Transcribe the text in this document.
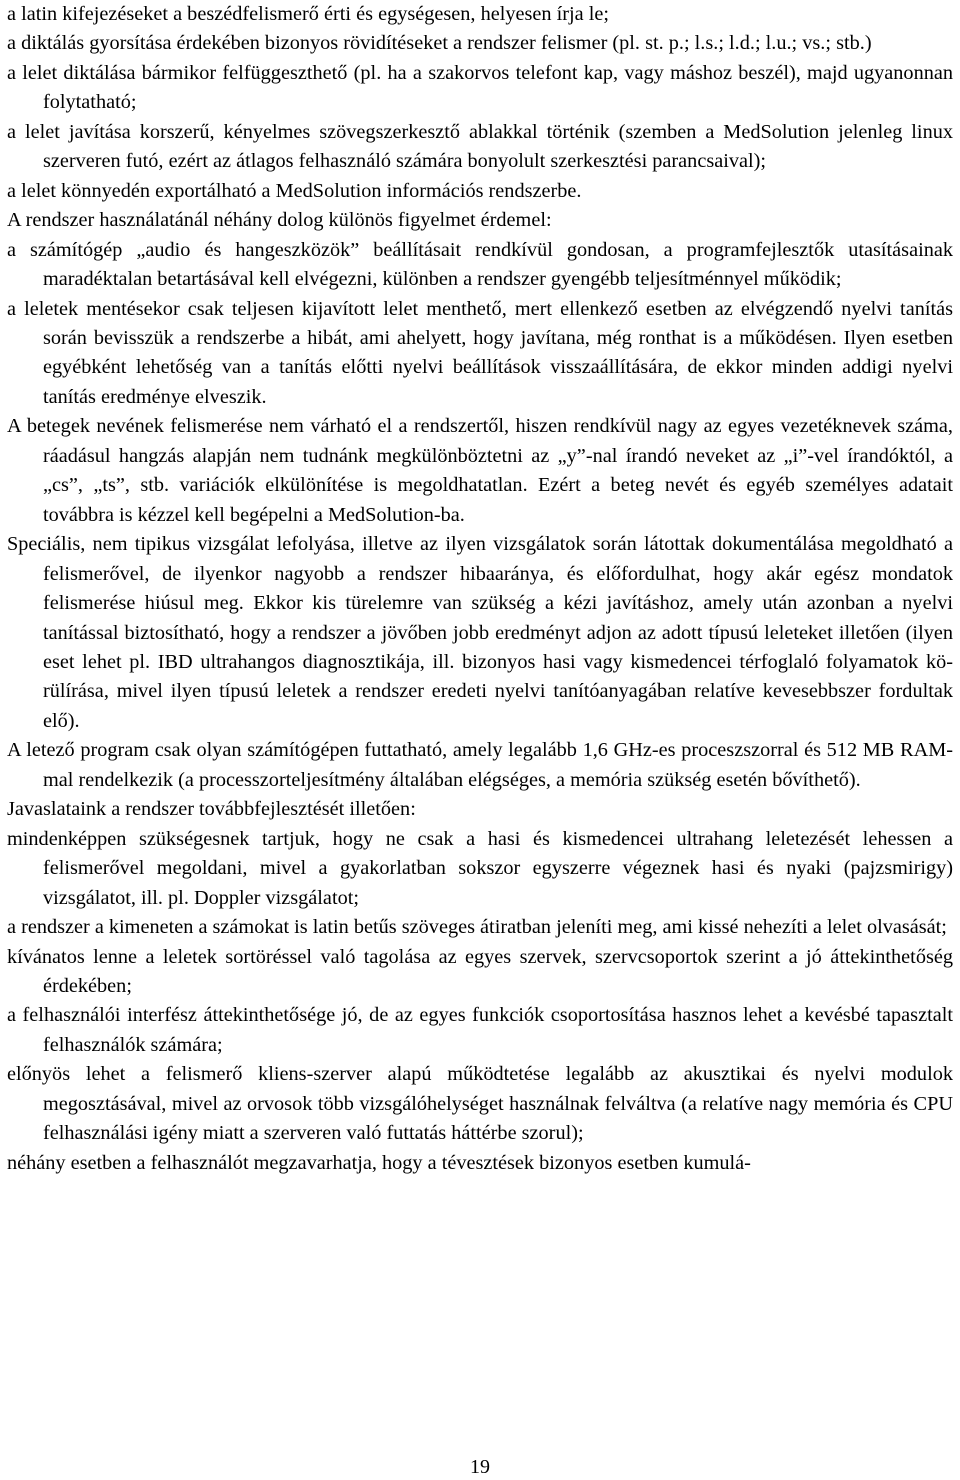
a latin kifejezéseket a beszédfelismerő érti és egységesen, helyesen írja le;

a diktálás gyorsítása érdekében bizonyos rövidítéseket a rendszer felismer (pl. st. p.; l.s.; l.d.; l.u.; vs.; stb.)

a lelet diktálása bármikor felfüggeszthető (pl. ha a szakorvos telefont kap, vagy máshoz beszél), majd ugyanonnan folytatható;

a lelet javítása korszerű, kényelmes szövegszerkesztő ablakkal történik (szemben a MedSolution jelenleg linux szerveren futó, ezért az átlagos felhasználó számára bonyolult szerkesztési parancsaival);

a lelet könnyedén exportálható a MedSolution információs rendszerbe.

A rendszer használatánál néhány dolog különös figyelmet érdemel:

a számítógép „audio és hangeszközök” beállításait rendkívül gondosan, a programfejlesztők utasításainak maradéktalan betartásával kell elvégezni, különben a rendszer gyengébb teljesítménnyel működik;

a leletek mentésekor csak teljesen kijavított lelet menthető, mert ellenkező esetben az elvégzendő nyelvi tanítás során bevisszük a rendszerbe a hibát, ami ahelyett, hogy javítana, még ronthat is a működésen. Ilyen esetben egyébként lehetőség van a tanítás előtti nyelvi beállítások visszaállítására, de ekkor minden addigi nyelvi tanítás eredménye elveszik.

A betegek nevének felismerése nem várható el a rendszertől, hiszen rendkívül nagy az egyes vezetéknevek száma, ráadásul hangzás alapján nem tudnánk megkülönböztetni az „y”-nal írandó neveket az „i”-vel írandóktól, a „cs”, „ts”, stb. variációk elkülönítése is megoldhatatlan. Ezért a beteg nevét és egyéb személyes adatait továbbra is kézzel kell begépelni a MedSolution-ba.

Speciális, nem tipikus vizsgálat lefolyása, illetve az ilyen vizsgálatok során látottak dokumentálása megoldható a felismerővel, de ilyenkor nagyobb a rendszer hibaaránya, és előfordulhat, hogy akár egész mondatok felismerése hiúsul meg. Ekkor kis türelemre van szükség a kézi javításhoz, amely után azonban a nyelvi tanítással biztosítható, hogy a rendszer a jövőben jobb eredményt adjon az adott típusú leleteket illetően (ilyen eset lehet pl. IBD ultrahangos diagnosztikája, ill. bizonyos hasi vagy kismedencei térfoglaló folyamatok körülírása, mivel ilyen típusú leletek a rendszer eredeti nyelvi tanítóanyagában relatíve kevesebbszer fordultak elő).

A letező program csak olyan számítógépen futtatható, amely legalább 1,6 GHz-es proceszszorral és 512 MB RAM-mal rendelkezik (a processzorteljesítmény általában elégséges, a memória szükség esetén bővíthető).

Javaslataink a rendszer továbbfejlesztését illetően:

mindenképpen szükségesnek tartjuk, hogy ne csak a hasi és kismedencei ultrahang leletezését lehessen a felismerővel megoldani, mivel a gyakorlatban sokszor egyszerre végeznek hasi és nyaki (pajzsmirigy) vizsgálatot, ill. pl. Doppler vizsgálatot;

a rendszer a kimeneten a számokat is latin betűs szöveges átiratban jeleníti meg, ami kissé nehezíti a lelet olvasását;

kívánatos lenne a leletek sortöréssel való tagolása az egyes szervek, szervcsoportok szerint a jó áttekinthetőség érdekében;

a felhasználói interfész áttekinthetősége jó, de az egyes funkciók csoportosítása hasznos lehet a kevésbé tapasztalt felhasználók számára;

előnyös lehet a felismerő kliens-szerver alapú működtetése legalább az akusztikai és nyelvi modulok megosztásával, mivel az orvosok több vizsgálóhelységet használnak felváltva (a relatíve nagy memória és CPU felhasználási igény miatt a szerveren való futtatás háttérbe szorul);

néhány esetben a felhasználót megzavarhatja, hogy a tévesztések bizonyos esetben kumulá-

19
